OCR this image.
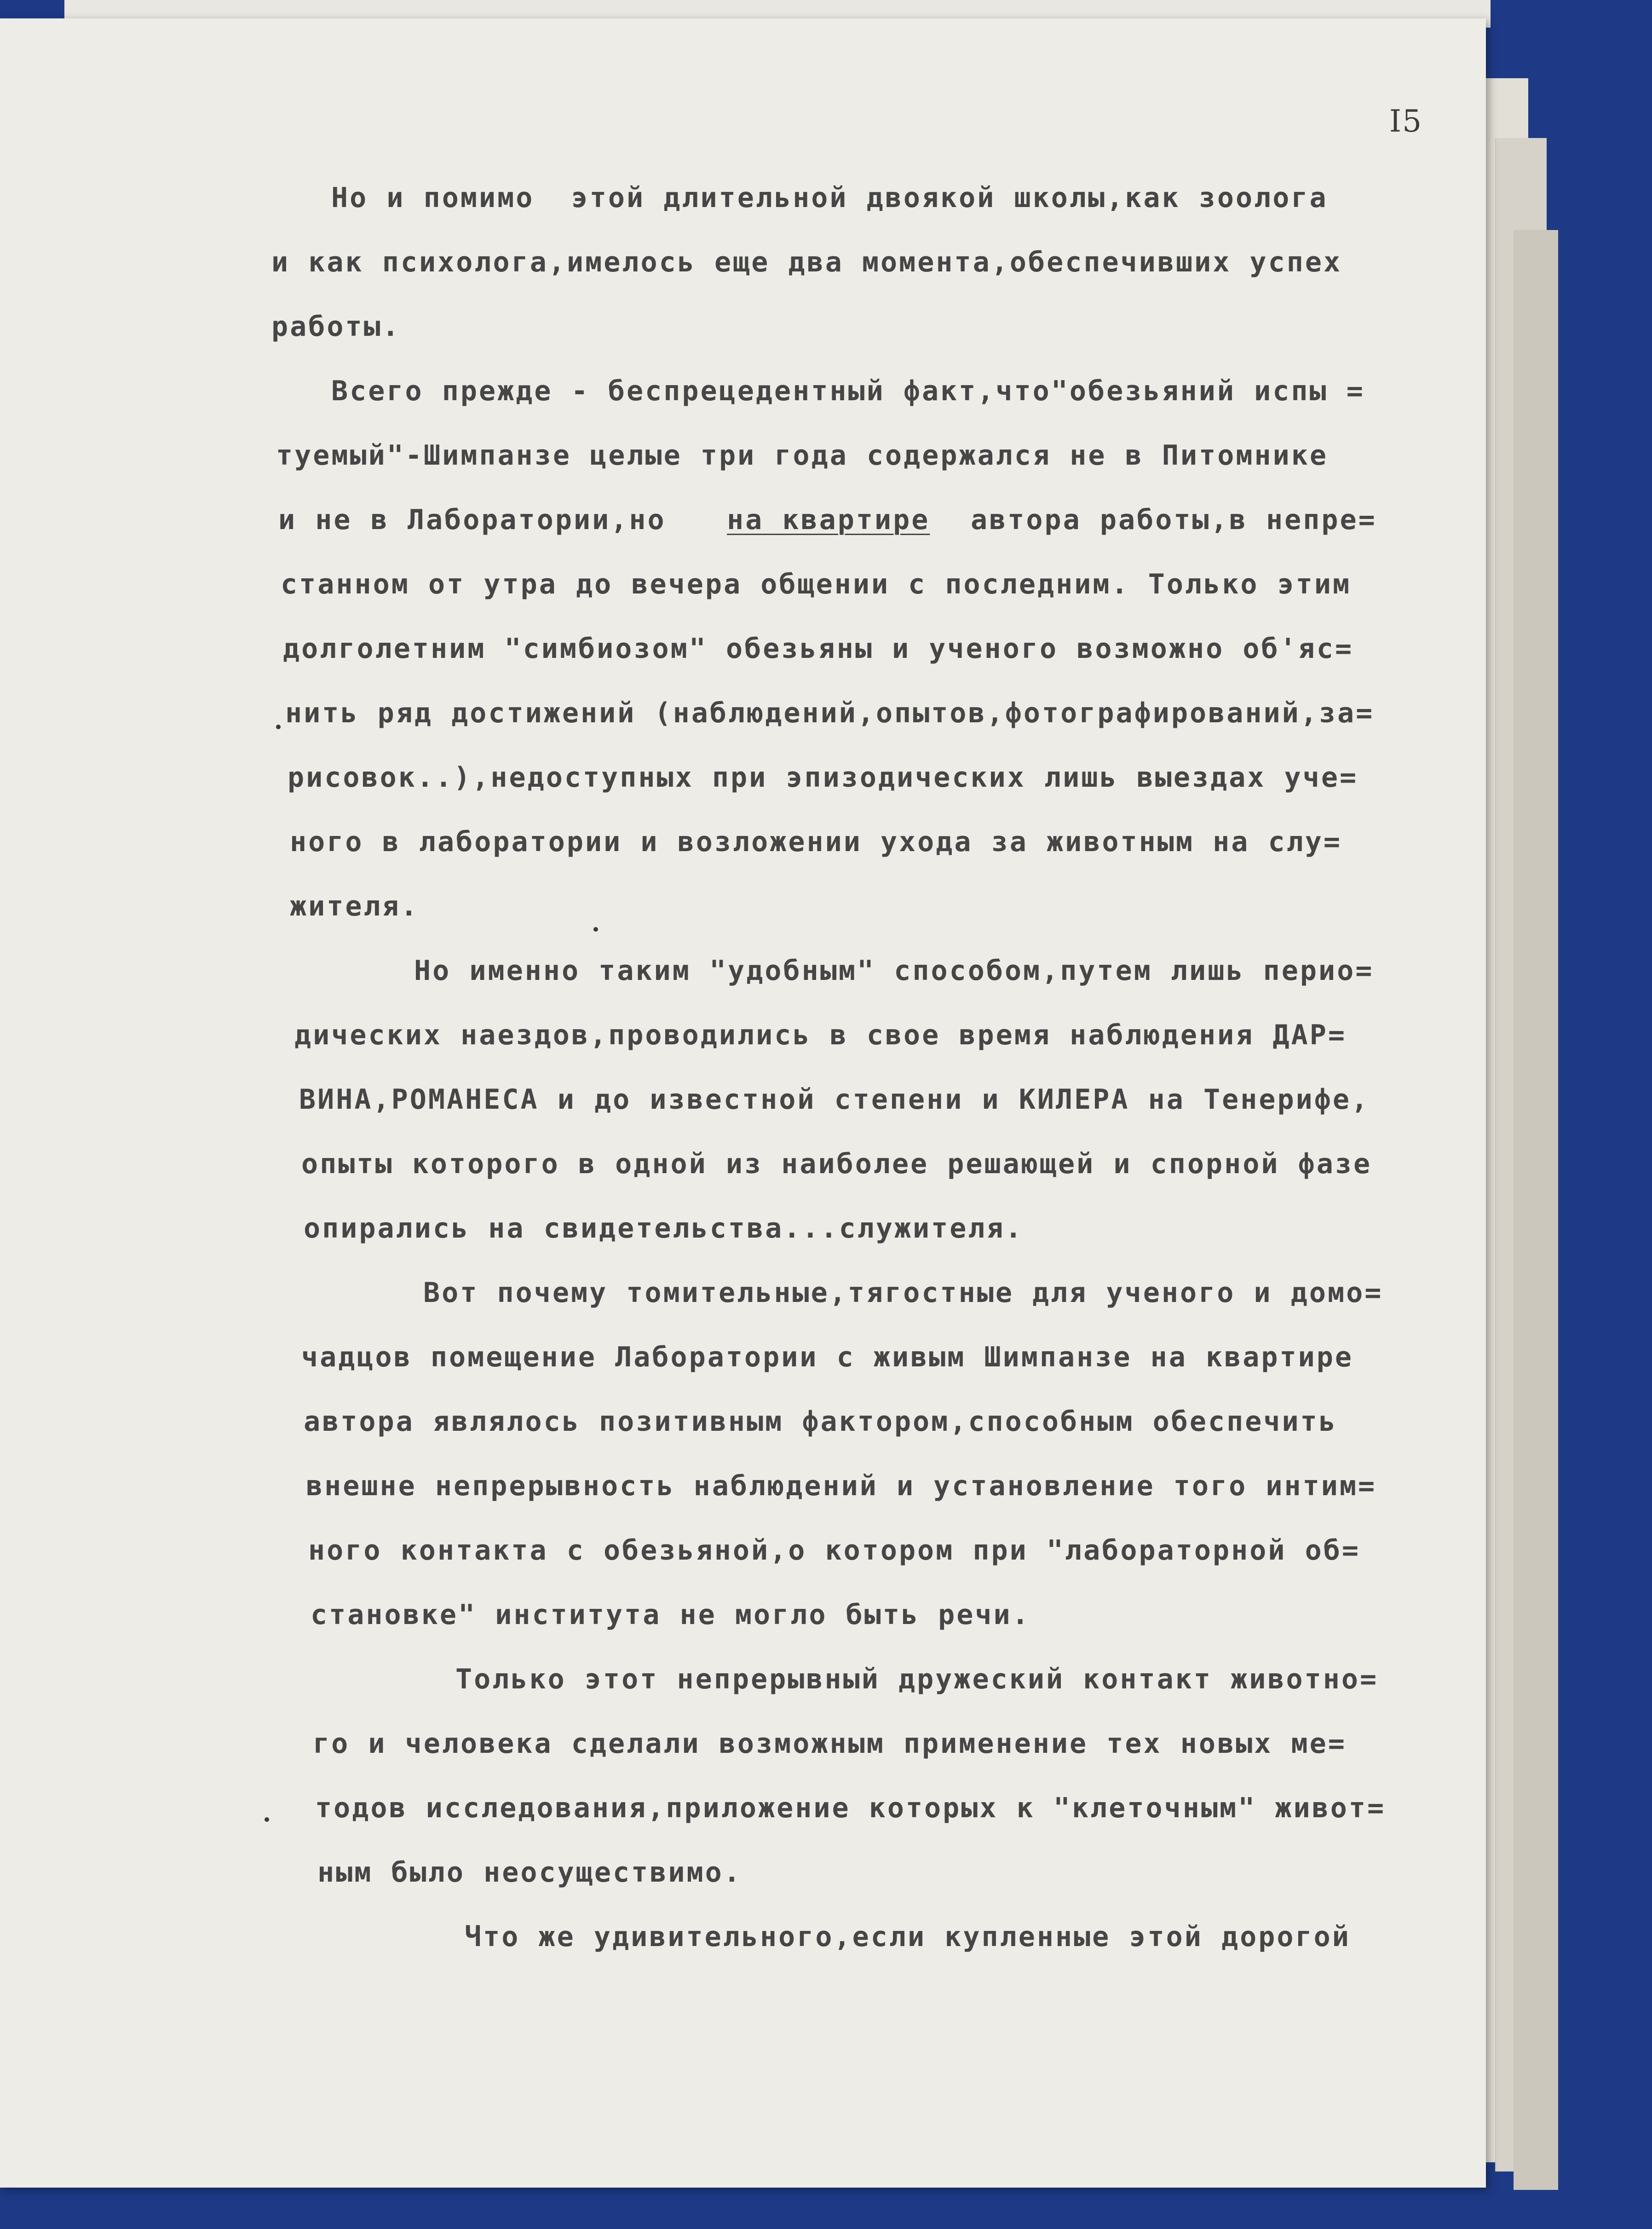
I5
Но и помимо  этой длительной двоякой школы,как зоолога
и как психолога,имелось еще два момента,обеспечивших успех
работы.
Всего прежде - беспрецедентный факт,что"обезьяний испы =
туемый"-Шимпанзе целые три года содержался не в Питомнике
и не в Лаборатории,но на квартире автора работы,в непре=
станном от утра до вечера общении с последним. Только этим
долголетним "симбиозом" обезьяны и ученого возможно об'яс=
нить ряд достижений (наблюдений,опытов,фотографирований,за=
рисовок..),недоступных при эпизодических лишь выездах уче=
ного в лаборатории и возложении ухода за животным на слу=
жителя.
Но именно таким "удобным" способом,путем лишь перио=
дических наездов,проводились в свое время наблюдения ДАР=
ВИНА,РОМАНЕСА и до известной степени и КИЛЕРА на Тенерифе,
опыты которого в одной из наиболее решающей и спорной фазе
опирались на свидетельства...служителя.
Вот почему томительные,тягостные для ученого и домо=
чадцов помещение Лаборатории с живым Шимпанзе на квартире
автора являлось позитивным фактором,способным обеспечить
внешне непрерывность наблюдений и установление того интим=
ного контакта с обезьяной,о котором при "лабораторной об=
становке" института не могло быть речи.
Только этот непрерывный дружеский контакт животно=
го и человека сделали возможным применение тех новых ме=
тодов исследования,приложение которых к "клеточным" живот=
ным было неосуществимо.
Что же удивительного,если купленные этой дорогой
